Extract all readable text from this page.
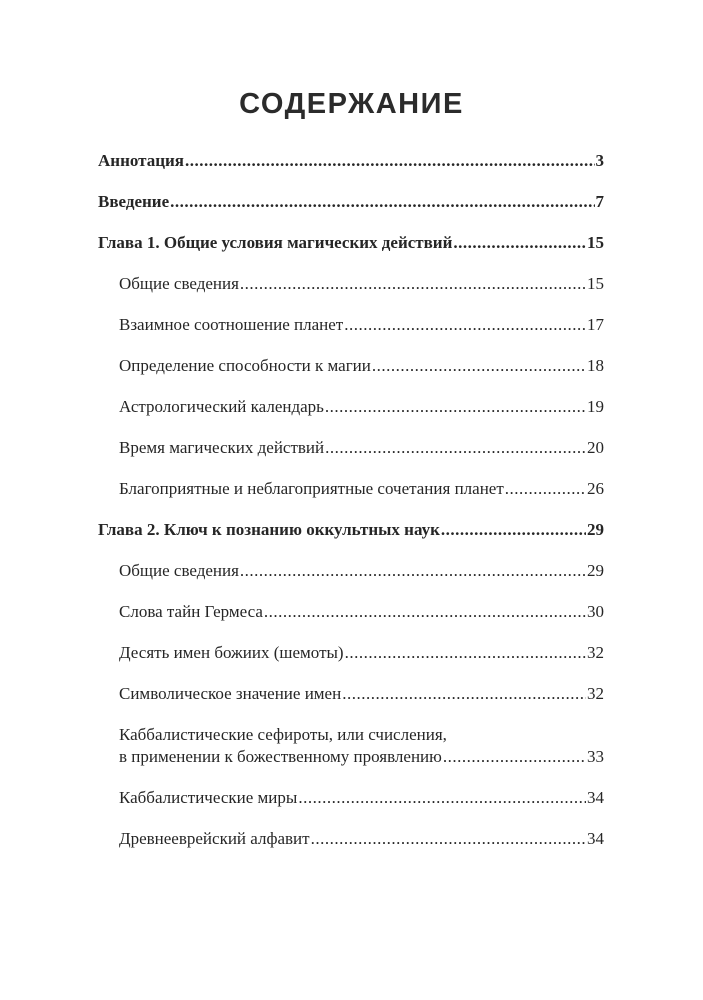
СОДЕРЖАНИЕ
Аннотация .....	3
Введение .....	7
Глава 1. Общие условия магических действий .....	15
Общие сведения .....	15
Взаимное соотношение планет .....	17
Определение способности к магии .....	18
Астрологический календарь .....	19
Время магических действий .....	20
Благоприятные и неблагоприятные сочетания планет .....	26
Глава 2. Ключ к познанию оккультных наук .....	29
Общие сведения .....	29
Слова тайн Гермеса .....	30
Десять имен божиих (шемоты) .....	32
Символическое значение имен .....	32
Каббалистические сефироты, или счисления,
в применении к божественному проявлению .....	33
Каббалистические миры .....	34
Древнееврейский алфавит .....	34
